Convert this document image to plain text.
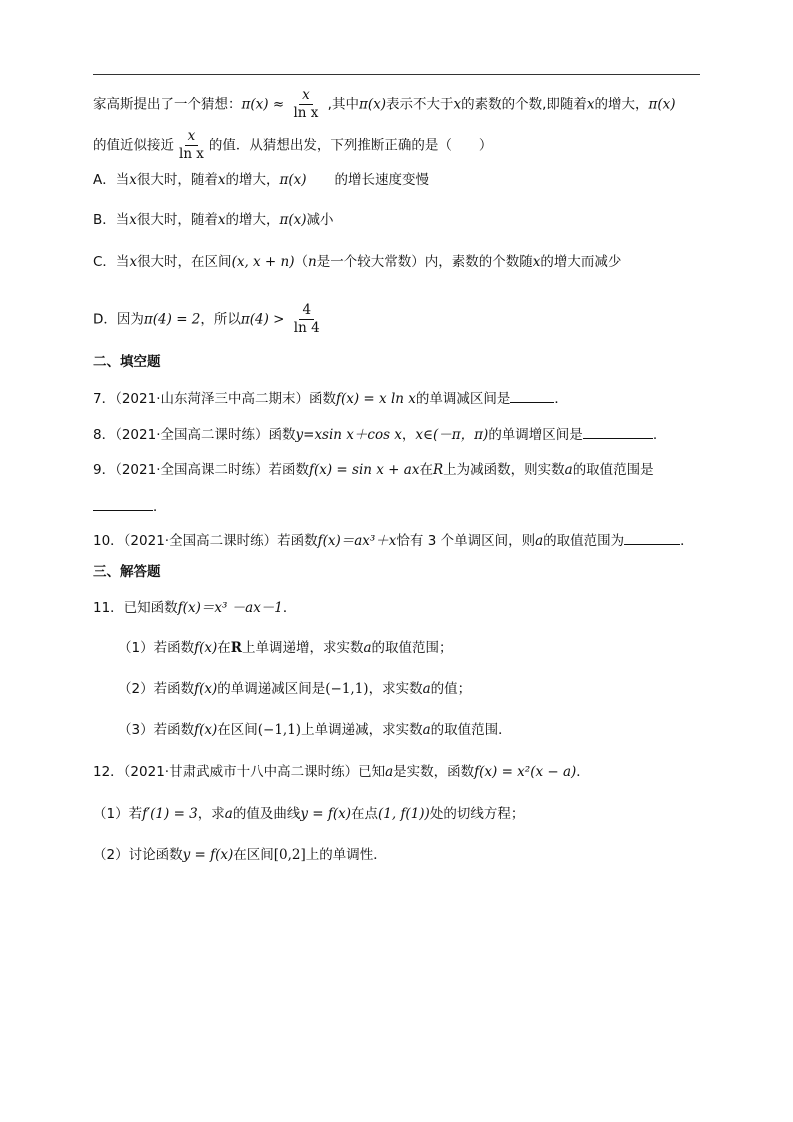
家高斯提出了一个猜想：$\pi(x) \approx \frac{x}{\text{ln x}}$ ,其中π(x)表示不大于x的素数的个数,即随着x的增大，π(x)
的值近似接近 $\frac{x}{\text{ln x}}$ 的值．从猜想出发，下列推断正确的是（　　）
A．当x很大时，随着x的增大，π(x) 的增长速度变慢
B．当x很大时，随着x的增大，π(x)减小
C．当x很大时，在区间(x, x + n)（n是一个较大常数）内，素数的个数随x的增大而减少
D．因为π(4) = 2，所以$\pi(4) > \frac{4}{\ln 4}$
二、填空题
7．（2021·山东菏泽三中高二期末）函数f(x) = x ln x的单调减区间是	．
8．（2021·全国高二课时练）函数y=xsin x＋cos x，x∈(－π，π)的单调增区间是	.
9．（2021·全国高课二时练）若函数f(x) = sin x + ax在R上为减函数，则实数a的取值范围是
．
10．（2021·全国高二课时练）若函数f(x)＝ax³＋x恰有 3 个单调区间，则a的取值范围为	．
三、解答题
11．已知函数f(x)＝x³ －ax－1．
（1）若函数f(x)在R上单调递增，求实数a的取值范围；
（2）若函数f(x)的单调递减区间是(−1,1)，求实数a的值；
（3）若函数f(x)在区间(−1,1)上单调递减，求实数a的取值范围．
12．（2021·甘肃武威市十八中高二课时练）已知a是实数，函数f(x) = x²(x − a)．
（1）若f′(1) = 3，求a的值及曲线y = f(x)在点(1, f(1))处的切线方程；
（2）讨论函数y = f(x)在区间[0,2]上的单调性．
